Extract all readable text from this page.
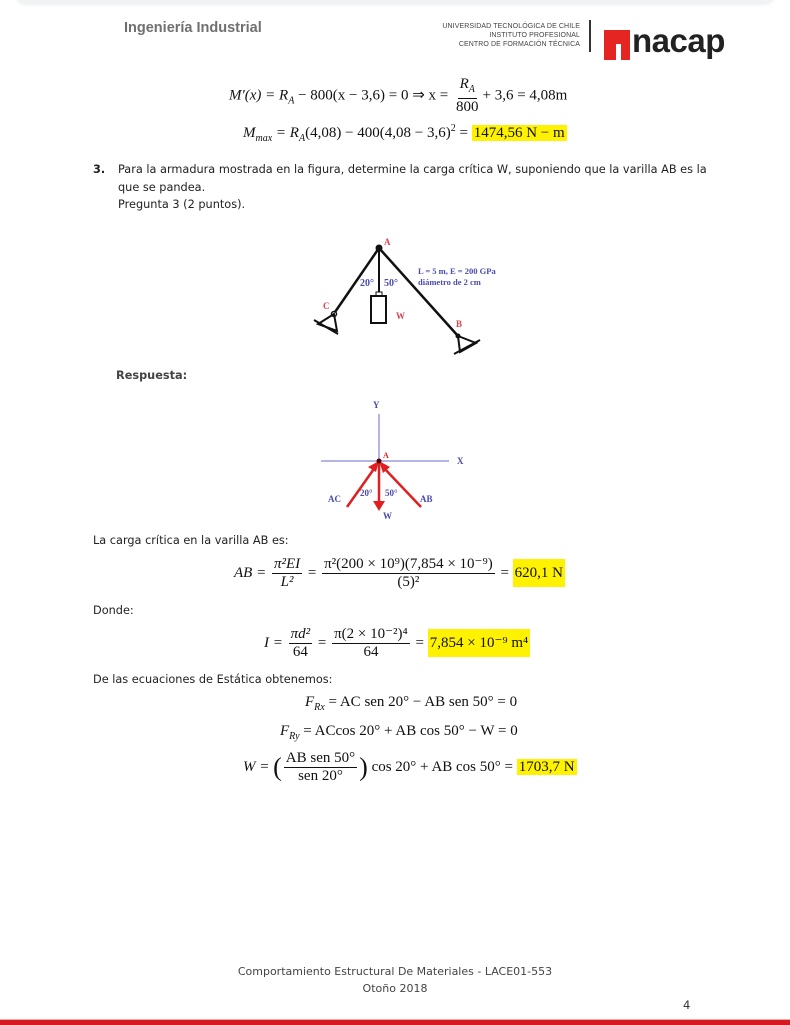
Ingeniería Industrial	UNIVERSIDAD TECNOLÓGICA DE CHILE
INSTITUTO PROFESIONAL
CENTRO DE FORMACIÓN TÉCNICA nacap
$M'(x) = R_A - 800(x - 3,6) = 0$ ⇒ $x = \frac{R_A}{800} + 3,6 = 4,08m$
$M_{max} = R_A(4,08) - 400(4,08 - 3,6)^2 = 1474,56$ N − m
3. Para la armadura mostrada en la figura, determine la carga crítica W, suponiendo que la varilla AB es la
que se pandea.
Pregunta 3 (2 puntos).
A
B
C
W
20° 50°
L = 5 m, E = 200 GPa
diámetro de 2 cm
Respuesta:
Y
X
A
AC	AB
W
20° 50°
La carga crítica en la varilla AB es:
AB = $\frac{\text{π²EI}}{\text{L²}} = \frac{\text{π²(200 × 10⁹)(7,854 × 10⁻⁹)}}{\text{(5)²}} = 620,1$ N
Donde:
$I = \frac{\text{πd²}}{64} = \frac{\text{π(2 × 10⁻²)⁴}}{64} = 7,854 \times 10^{-9}$ m⁴
De las ecuaciones de Estática obtenemos:
$F_{Rx}$ = AC sen 20° − AB sen 50° = 0
$F_{Ry} = ACcos$ 20° + AB cos 50° − W = 0
W = ( $\frac{\text{AB sen 50°}}{\text{sen 20°}}$ ) cos 20° + AB cos 50° = 1703,7 N
Comportamiento Estructural De Materiales - LACE01-553
Otoño 2018
4
